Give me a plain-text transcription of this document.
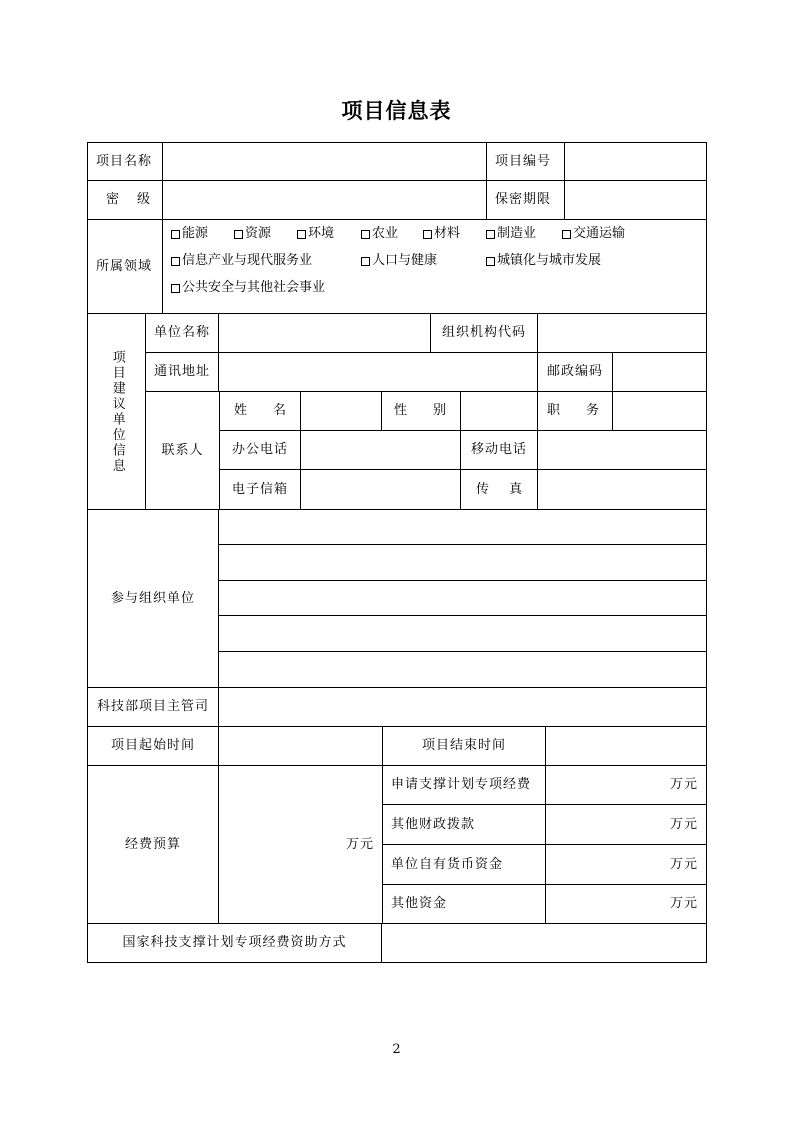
项目信息表
项目名称	项目编号
密级	保密期限
所属领域
能源	资源	环境	农业	材料	制造业	交通运输
信息产业与现代服务业	人口与健康	城镇化与城市发展
公共安全与其他社会事业
项目建议单位信息
单位名称	组织机构代码
通讯地址	邮政编码
联系人
姓名	性别	职务
办公电话	移动电话
电子信箱	传真
参与组织单位
科技部项目主管司
项目起始时间	项目结束时间
经费预算	万元
申请支撑计划专项经费	万元
其他财政拨款	万元
单位自有货币资金	万元
其他资金	万元
国家科技支撑计划专项经费资助方式
2
